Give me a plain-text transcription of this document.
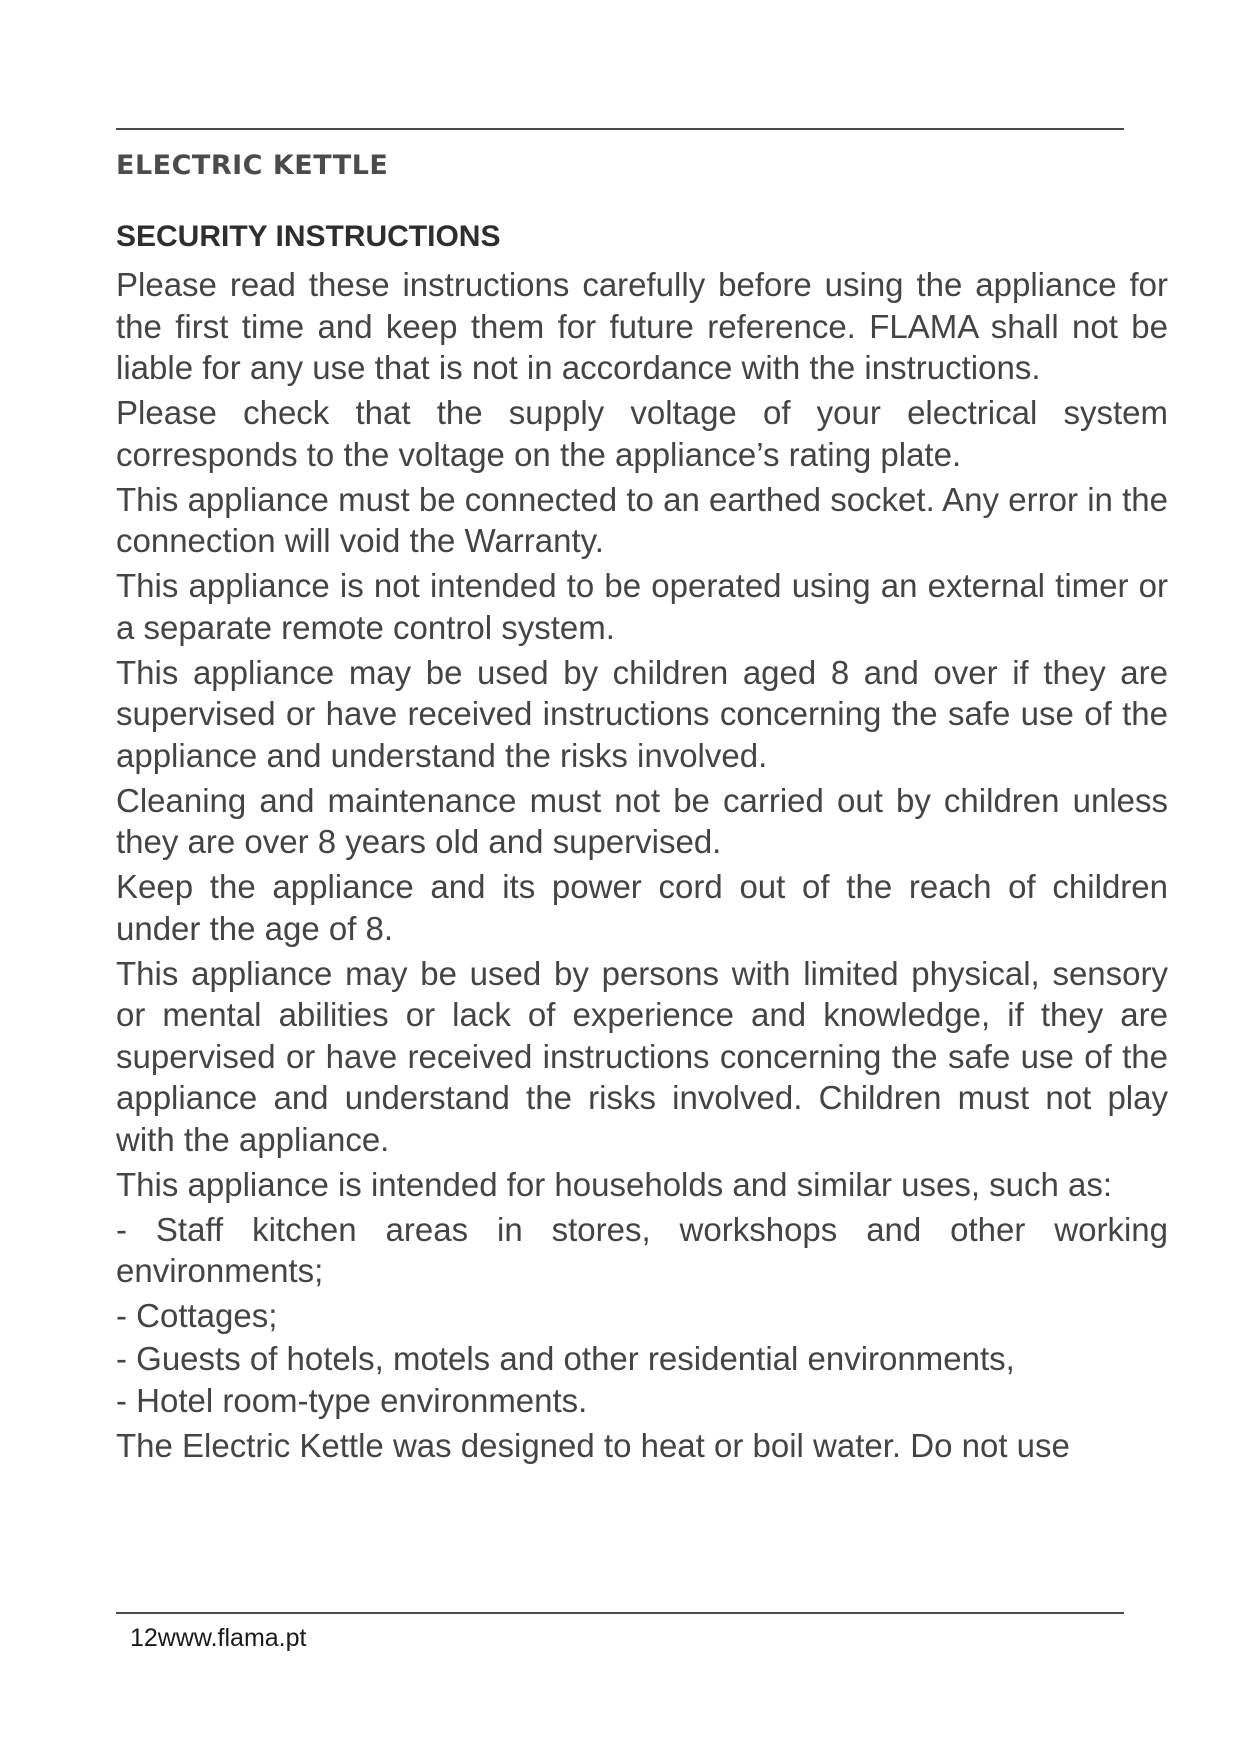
ELECTRIC KETTLE
SECURITY INSTRUCTIONS

Please read these instructions carefully before using the appliance for the first time and keep them for future reference. FLAMA shall not be liable for any use that is not in accordance with the instructions.

Please check that the supply voltage of your electrical system corresponds to the voltage on the appliance’s rating plate.

This appliance must be connected to an earthed socket. Any error in the connection will void the Warranty.

This appliance is not intended to be operated using an external timer or a separate remote control system.

This appliance may be used by children aged 8 and over if they are supervised or have received instructions concerning the safe use of the appliance and understand the risks involved.

Cleaning and maintenance must not be carried out by children unless they are over 8 years old and supervised.

Keep the appliance and its power cord out of the reach of children under the age of 8.

This appliance may be used by persons with limited physical, sensory or mental abilities or lack of experience and knowledge, if they are supervised or have received instructions concerning the safe use of the appliance and understand the risks involved. Children must not play with the appliance.

This appliance is intended for households and similar uses, such as:

- Staff kitchen areas in stores, workshops and other working environments;

- Cottages;

- Guests of hotels, motels and other residential environments,

- Hotel room-type environments.

The Electric Kettle was designed to heat or boil water. Do not use

12www.flama.pt
